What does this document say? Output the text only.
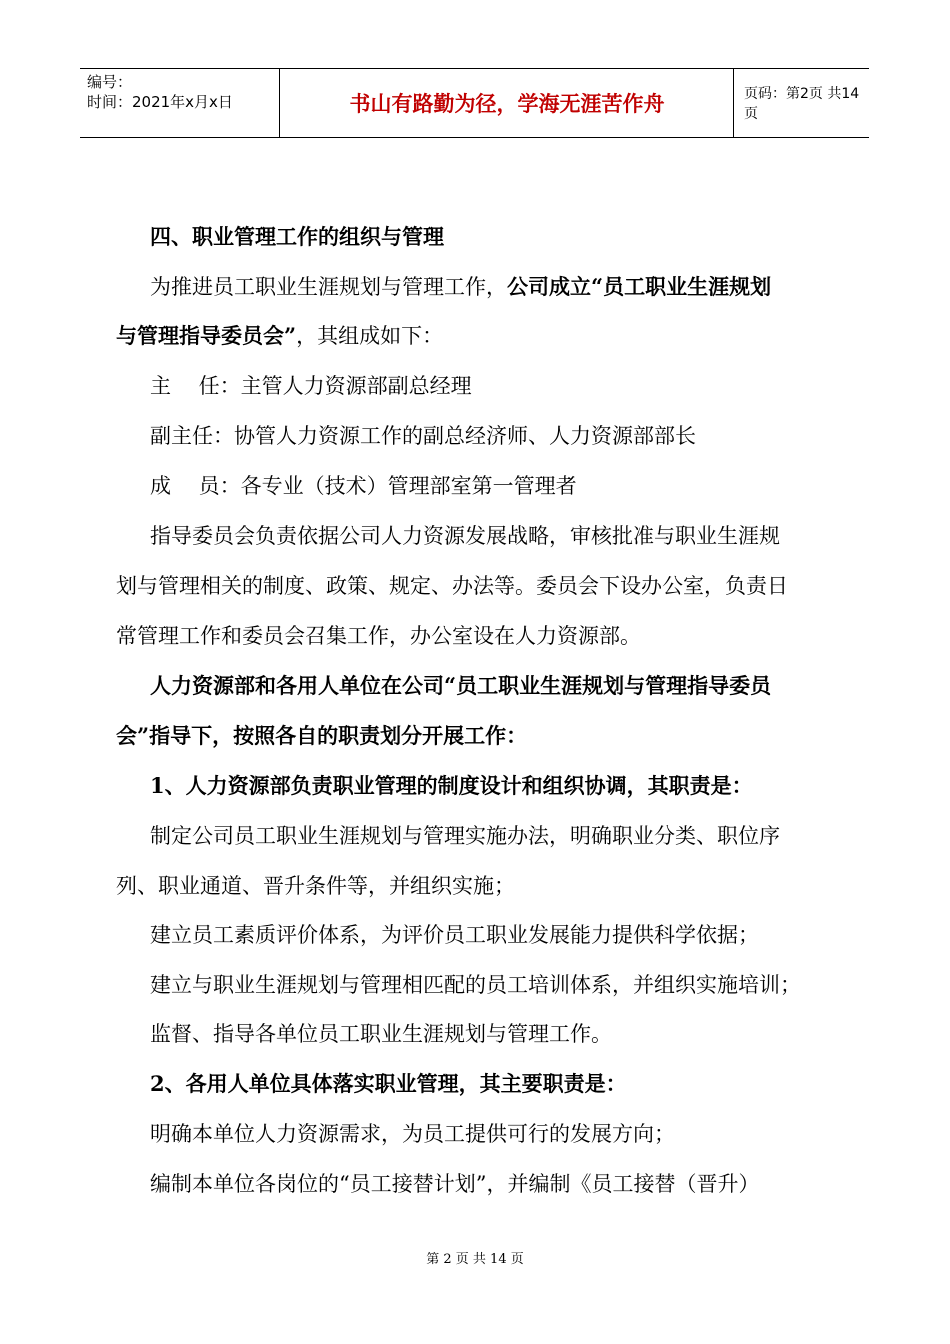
编号：
时间：2021年x月x日	书山有路勤为径，学海无涯苦作舟	页码：第2页 共14页
四、职业管理工作的组织与管理
为推进员工职业生涯规划与管理工作，公司成立“员工职业生涯规划
与管理指导委员会”，其组成如下：
主　 任：主管人力资源部副总经理
副主任：协管人力资源工作的副总经济师、人力资源部部长
成　 员：各专业（技术）管理部室第一管理者
指导委员会负责依据公司人力资源发展战略，审核批准与职业生涯规
划与管理相关的制度、政策、规定、办法等。委员会下设办公室，负责日
常管理工作和委员会召集工作，办公室设在人力资源部。
人力资源部和各用人单位在公司“员工职业生涯规划与管理指导委员
会”指导下，按照各自的职责划分开展工作：
1、人力资源部负责职业管理的制度设计和组织协调，其职责是：
制定公司员工职业生涯规划与管理实施办法，明确职业分类、职位序
列、职业通道、晋升条件等，并组织实施；
建立员工素质评价体系，为评价员工职业发展能力提供科学依据；
建立与职业生涯规划与管理相匹配的员工培训体系，并组织实施培训；
监督、指导各单位员工职业生涯规划与管理工作。
2、各用人单位具体落实职业管理，其主要职责是：
明确本单位人力资源需求，为员工提供可行的发展方向；
编制本单位各岗位的“员工接替计划”，并编制《员工接替（晋升）
第 2 页 共 14 页
